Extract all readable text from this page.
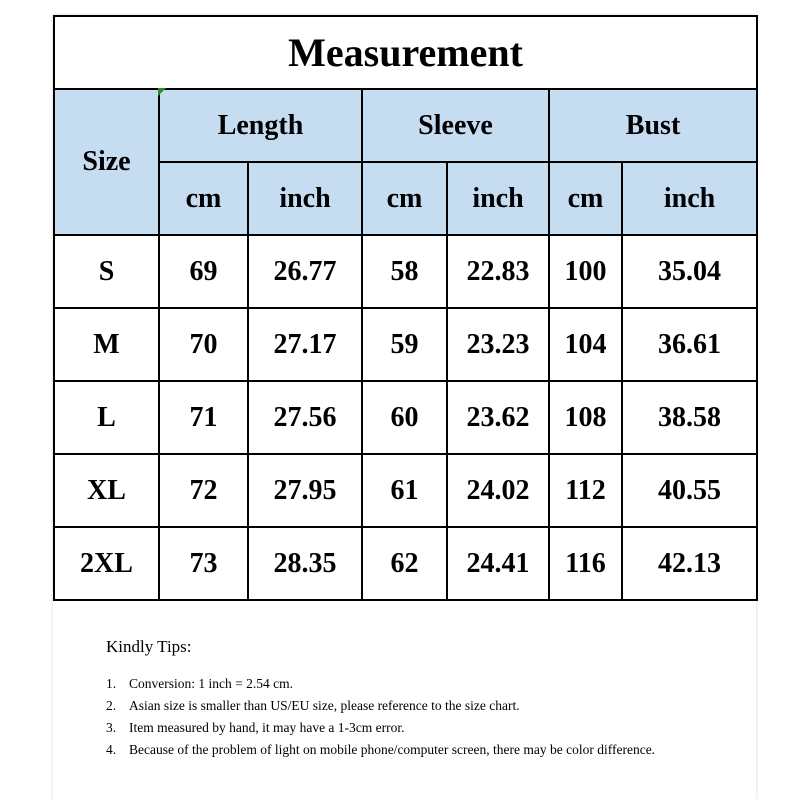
Measurement						
Size	Length		Sleeve		Bust	
	cm	inch	cm	inch	cm	inch
S	69	26.77	58	22.83	100	35.04
M	70	27.17	59	23.23	104	36.61
L	71	27.56	60	23.62	108	38.58
XL	72	27.95	61	24.02	112	40.55
2XL	73	28.35	62	24.41	116	42.13
Kindly Tips:
1. Conversion: 1 inch = 2.54 cm.
2. Asian size is smaller than US/EU size, please reference to the size chart.
3. Item measured by hand, it may have a 1-3cm error.
4. Because of the problem of light on mobile phone/computer screen, there may be color difference.
